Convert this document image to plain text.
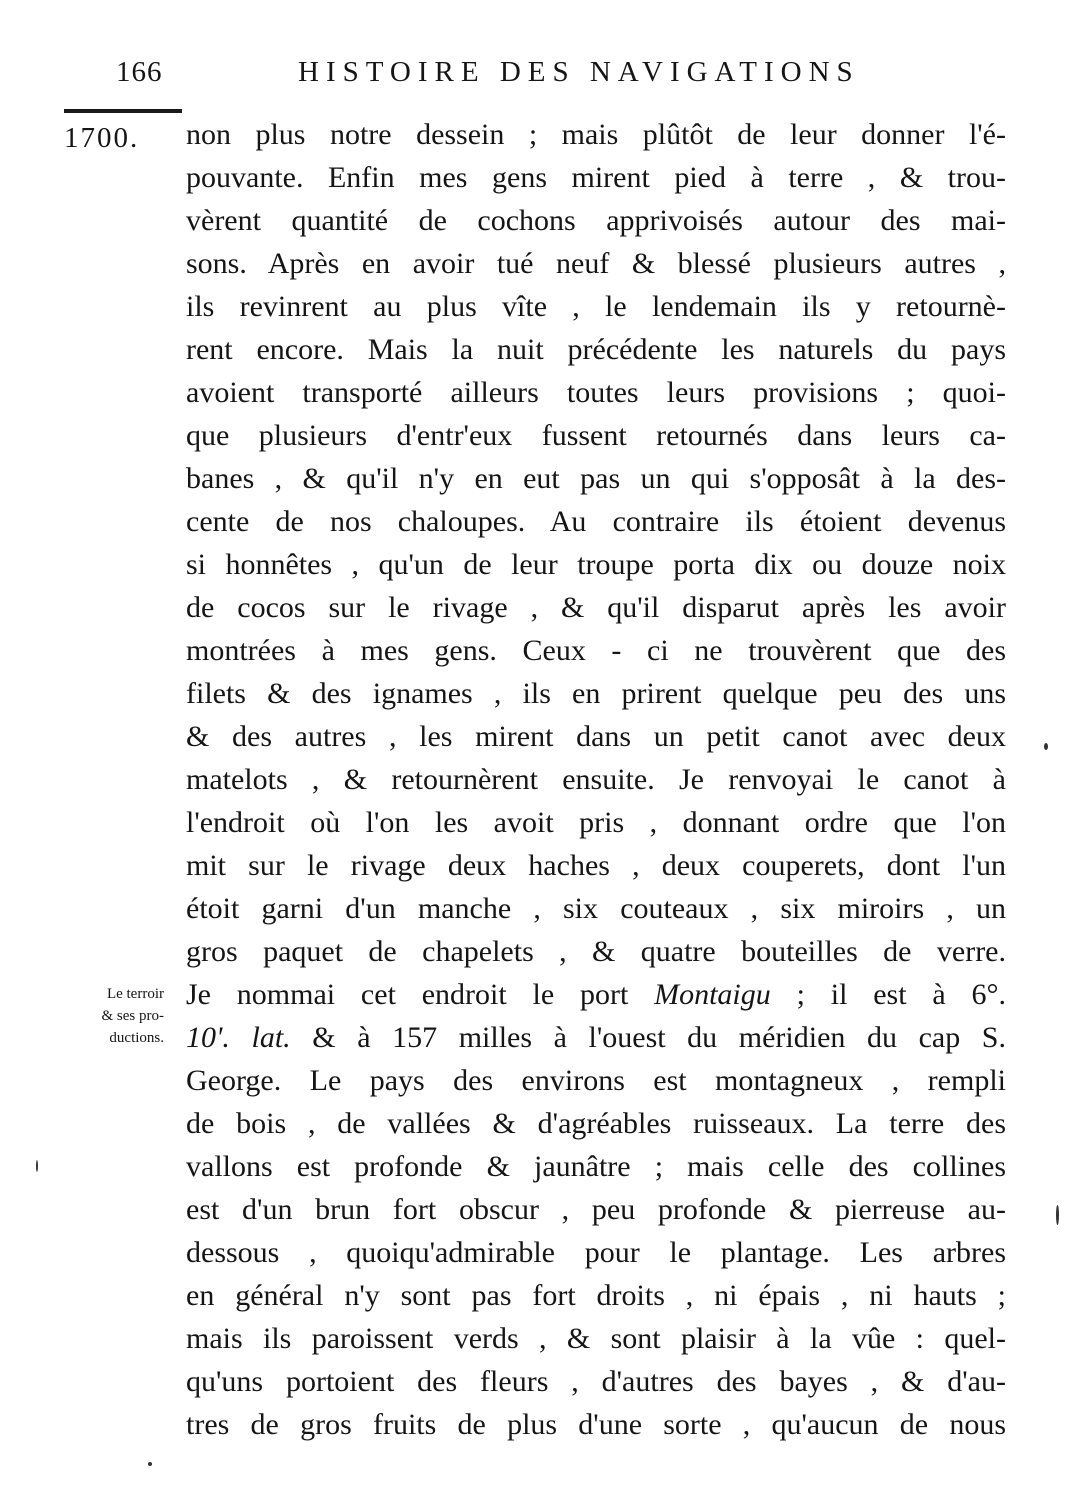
166	HISTOIRE DES NAVIGATIONS
1700.
Le terroir
& ses pro-
ductions.
non plus notre dessein ; mais plûtôt de leur donner l'é-
pouvante. Enfin mes gens mirent pied à terre , & trou-
vèrent quantité de cochons apprivoisés autour des mai-
sons. Après en avoir tué neuf & blessé plusieurs autres ,
ils revinrent au plus vîte , le lendemain ils y retournè-
rent encore. Mais la nuit précédente les naturels du pays
avoient transporté ailleurs toutes leurs provisions ; quoi-
que plusieurs d'entr'eux fussent retournés dans leurs ca-
banes , & qu'il n'y en eut pas un qui s'opposât à la des-
cente de nos chaloupes. Au contraire ils étoient devenus
si honnêtes , qu'un de leur troupe porta dix ou douze noix
de cocos sur le rivage , & qu'il disparut après les avoir
montrées à mes gens. Ceux - ci ne trouvèrent que des
filets & des ignames , ils en prirent quelque peu des uns
& des autres , les mirent dans un petit canot avec deux
matelots , & retournèrent ensuite. Je renvoyai le canot à
l'endroit où l'on les avoit pris , donnant ordre que l'on
mit sur le rivage deux haches , deux couperets, dont l'un
étoit garni d'un manche , six couteaux , six miroirs , un
gros paquet de chapelets , & quatre bouteilles de verre.
Je nommai cet endroit le port Montaigu ; il est à 6°.
10'. lat. & à 157 milles à l'ouest du méridien du cap S.
George. Le pays des environs est montagneux , rempli
de bois , de vallées & d'agréables ruisseaux. La terre des
vallons est profonde & jaunâtre ; mais celle des collines
est d'un brun fort obscur , peu profonde & pierreuse au-
dessous , quoiqu'admirable pour le plantage. Les arbres
en général n'y sont pas fort droits , ni épais , ni hauts ;
mais ils paroissent verds , & sont plaisir à la vûe : quel-
qu'uns portoient des fleurs , d'autres des bayes , & d'au-
tres de gros fruits de plus d'une sorte , qu'aucun de nous
